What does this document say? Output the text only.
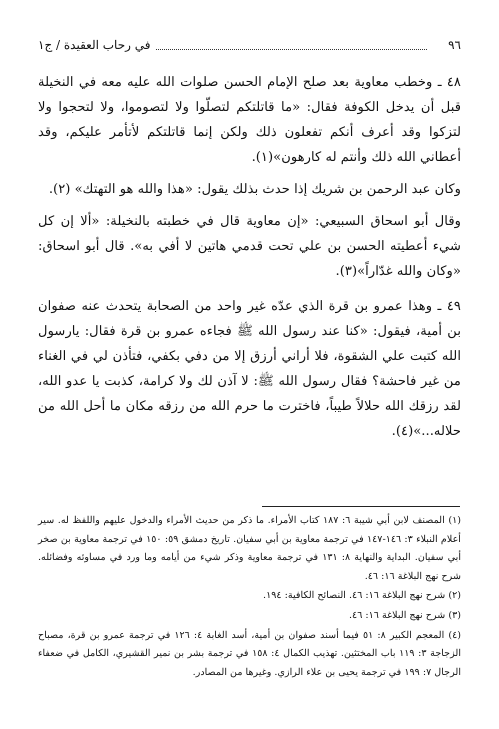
٩٦
في رحاب العقيدة / ج١

٤٨ ـ وخطب معاوية بعد صلح الإمام الحسن صلوات الله عليه معه في النخيلة قبل أن يدخل الكوفة فقال: «ما قاتلتكم لتصلّوا ولا لتصوموا، ولا لتحجوا ولا لتزكوا وقد أعرف أنكم تفعلون ذلك ولكن إنما قاتلتكم لأتأمر عليكم، وقد أعطاني الله ذلك وأنتم له كارهون»(١).

وكان عبد الرحمن بن شريك إذا حدث بذلك يقول: «هذا والله هو التهتك» (٢).

وقال أبو اسحاق السبيعي: «إن معاوية قال في خطبته بالنخيلة: «ألا إن كل شيء أعطيته الحسن بن علي تحت قدمي هاتين لا أفي به». قال أبو اسحاق: «وكان والله غدّاراً»(٣).

٤٩ ـ وهذا عمرو بن قرة الذي عدّه غير واحد من الصحابة يتحدث عنه صفوان بن أمية، فيقول: «كنا عند رسول الله ﷺ فجاءه عمرو بن قرة فقال: يارسول الله كتبت علي الشقوة، فلا أراني أرزق إلا من دفي بكفي، فتأذن لي في الغناء من غير فاحشة؟ فقال رسول الله ﷺ: لا آذن لك ولا كرامة، كذبت يا عدو الله، لقد رزقك الله حلالاً طيباً، فاخترت ما حرم الله من رزقه مكان ما أحل الله من حلاله...»(٤).

(١) المصنف لابن أبي شيبة ٦: ١٨٧ كتاب الأمراء. ما ذكر من حديث الأمراء والدخول عليهم واللفظ له. سير أعلام النبلاء ٣: ١٤٦-١٤٧ في ترجمة معاوية بن أبي سفيان. تاريخ دمشق ٥٩: ١٥٠ في ترجمة معاوية بن صخر أبي سفيان. البداية والنهاية ٨: ١٣١ في ترجمة معاوية وذكر شيء من أيامه وما ورد في مساوئه وفضائله. شرح نهج البلاغة ١٦: ٤٦.

(٢) شرح نهج البلاغة ١٦: ٤٦. النصائح الكافية: ١٩٤.

(٣) شرح نهج البلاغة ١٦: ٤٦.

(٤) المعجم الكبير ٨: ٥١ فيما أسند صفوان بن أمية، أسد الغابة ٤: ١٢٦ في ترجمة عمرو بن قرة، مصباح الزجاجة ٣: ١١٩ باب المختثين. تهذيب الكمال ٤: ١٥٨ في ترجمة بشر بن نمير القشيري، الكامل في ضعفاء الرجال ٧: ١٩٩ في ترجمة يحيى بن علاء الرازي. وغيرها من المصادر.
